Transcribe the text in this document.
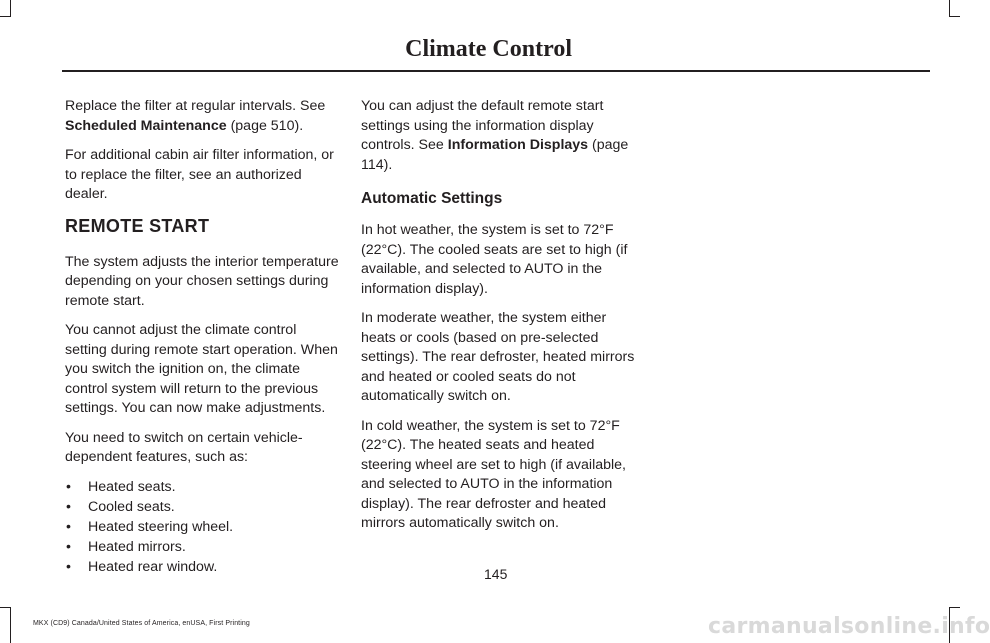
Climate Control

Replace the filter at regular intervals. See Scheduled Maintenance (page 510).

For additional cabin air filter information, or to replace the filter, see an authorized dealer.

REMOTE START

The system adjusts the interior temperature depending on your chosen settings during remote start.

You cannot adjust the climate control setting during remote start operation. When you switch the ignition on, the climate control system will return to the previous settings. You can now make adjustments.

You need to switch on certain vehicle-dependent features, such as:

• Heated seats.
• Cooled seats.
• Heated steering wheel.
• Heated mirrors.
• Heated rear window.

You can adjust the default remote start settings using the information display controls. See Information Displays (page 114).

Automatic Settings

In hot weather, the system is set to 72°F (22°C). The cooled seats are set to high (if available, and selected to AUTO in the information display).

In moderate weather, the system either heats or cools (based on pre-selected settings). The rear defroster, heated mirrors and heated or cooled seats do not automatically switch on.

In cold weather, the system is set to 72°F (22°C). The heated seats and heated steering wheel are set to high (if available, and selected to AUTO in the information display). The rear defroster and heated mirrors automatically switch on.

145
MKX (CD9) Canada/United States of America, enUSA, First Printing	carmanualsonline.info
